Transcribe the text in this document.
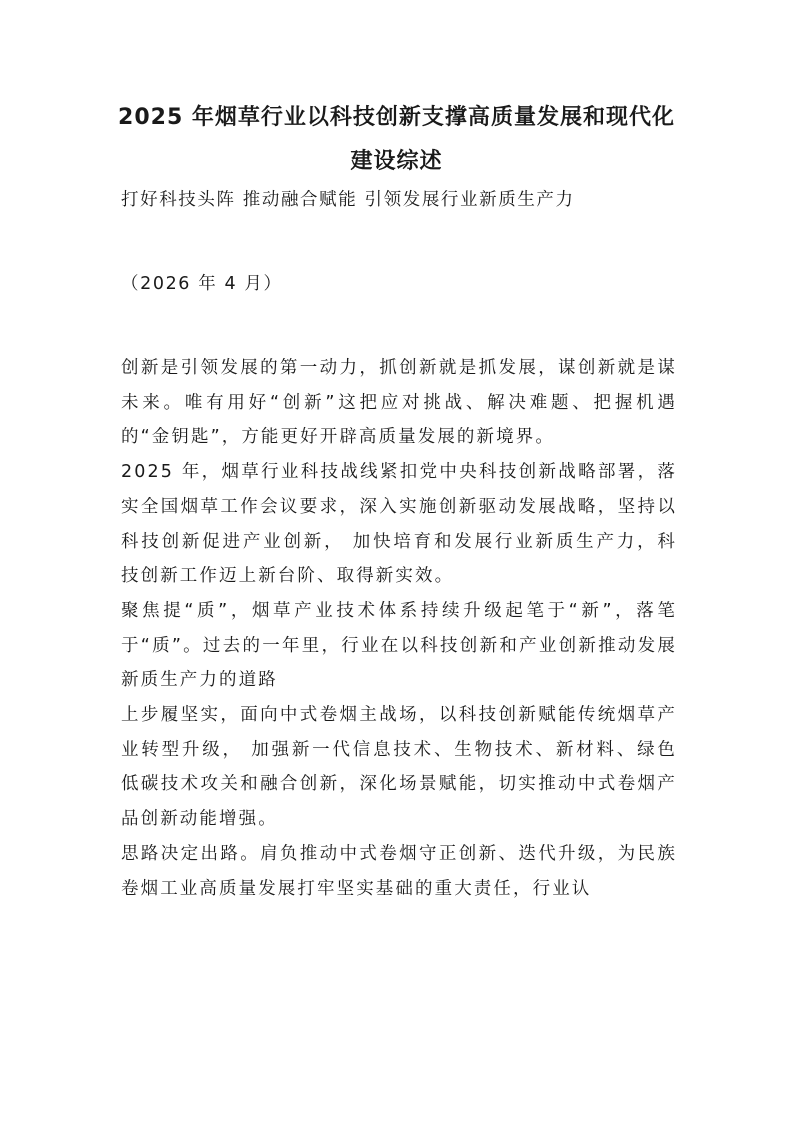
2025 年烟草行业以科技创新支撑高质量发展和现代化建设综述

打好科技头阵 推动融合赋能 引领发展行业新质生产力

（2026 年 4 月）

创新是引领发展的第一动力，抓创新就是抓发展，谋创新就是谋未来。唯有用好“创新”这把应对挑战、解决难题、把握机遇的“金钥匙”，方能更好开辟高质量发展的新境界。

2025 年，烟草行业科技战线紧扣党中央科技创新战略部署，落实全国烟草工作会议要求，深入实施创新驱动发展战略，坚持以科技创新促进产业创新， 加快培育和发展行业新质生产力，科技创新工作迈上新台阶、取得新实效。

聚焦提“质”，烟草产业技术体系持续升级起笔于“新”，落笔于“质”。过去的一年里，行业在以科技创新和产业创新推动发展新质生产力的道路

上步履坚实，面向中式卷烟主战场，以科技创新赋能传统烟草产业转型升级， 加强新一代信息技术、生物技术、新材料、绿色低碳技术攻关和融合创新，深化场景赋能，切实推动中式卷烟产品创新动能增强。

思路决定出路。肩负推动中式卷烟守正创新、迭代升级，为民族卷烟工业高质量发展打牢坚实基础的重大责任，行业认
